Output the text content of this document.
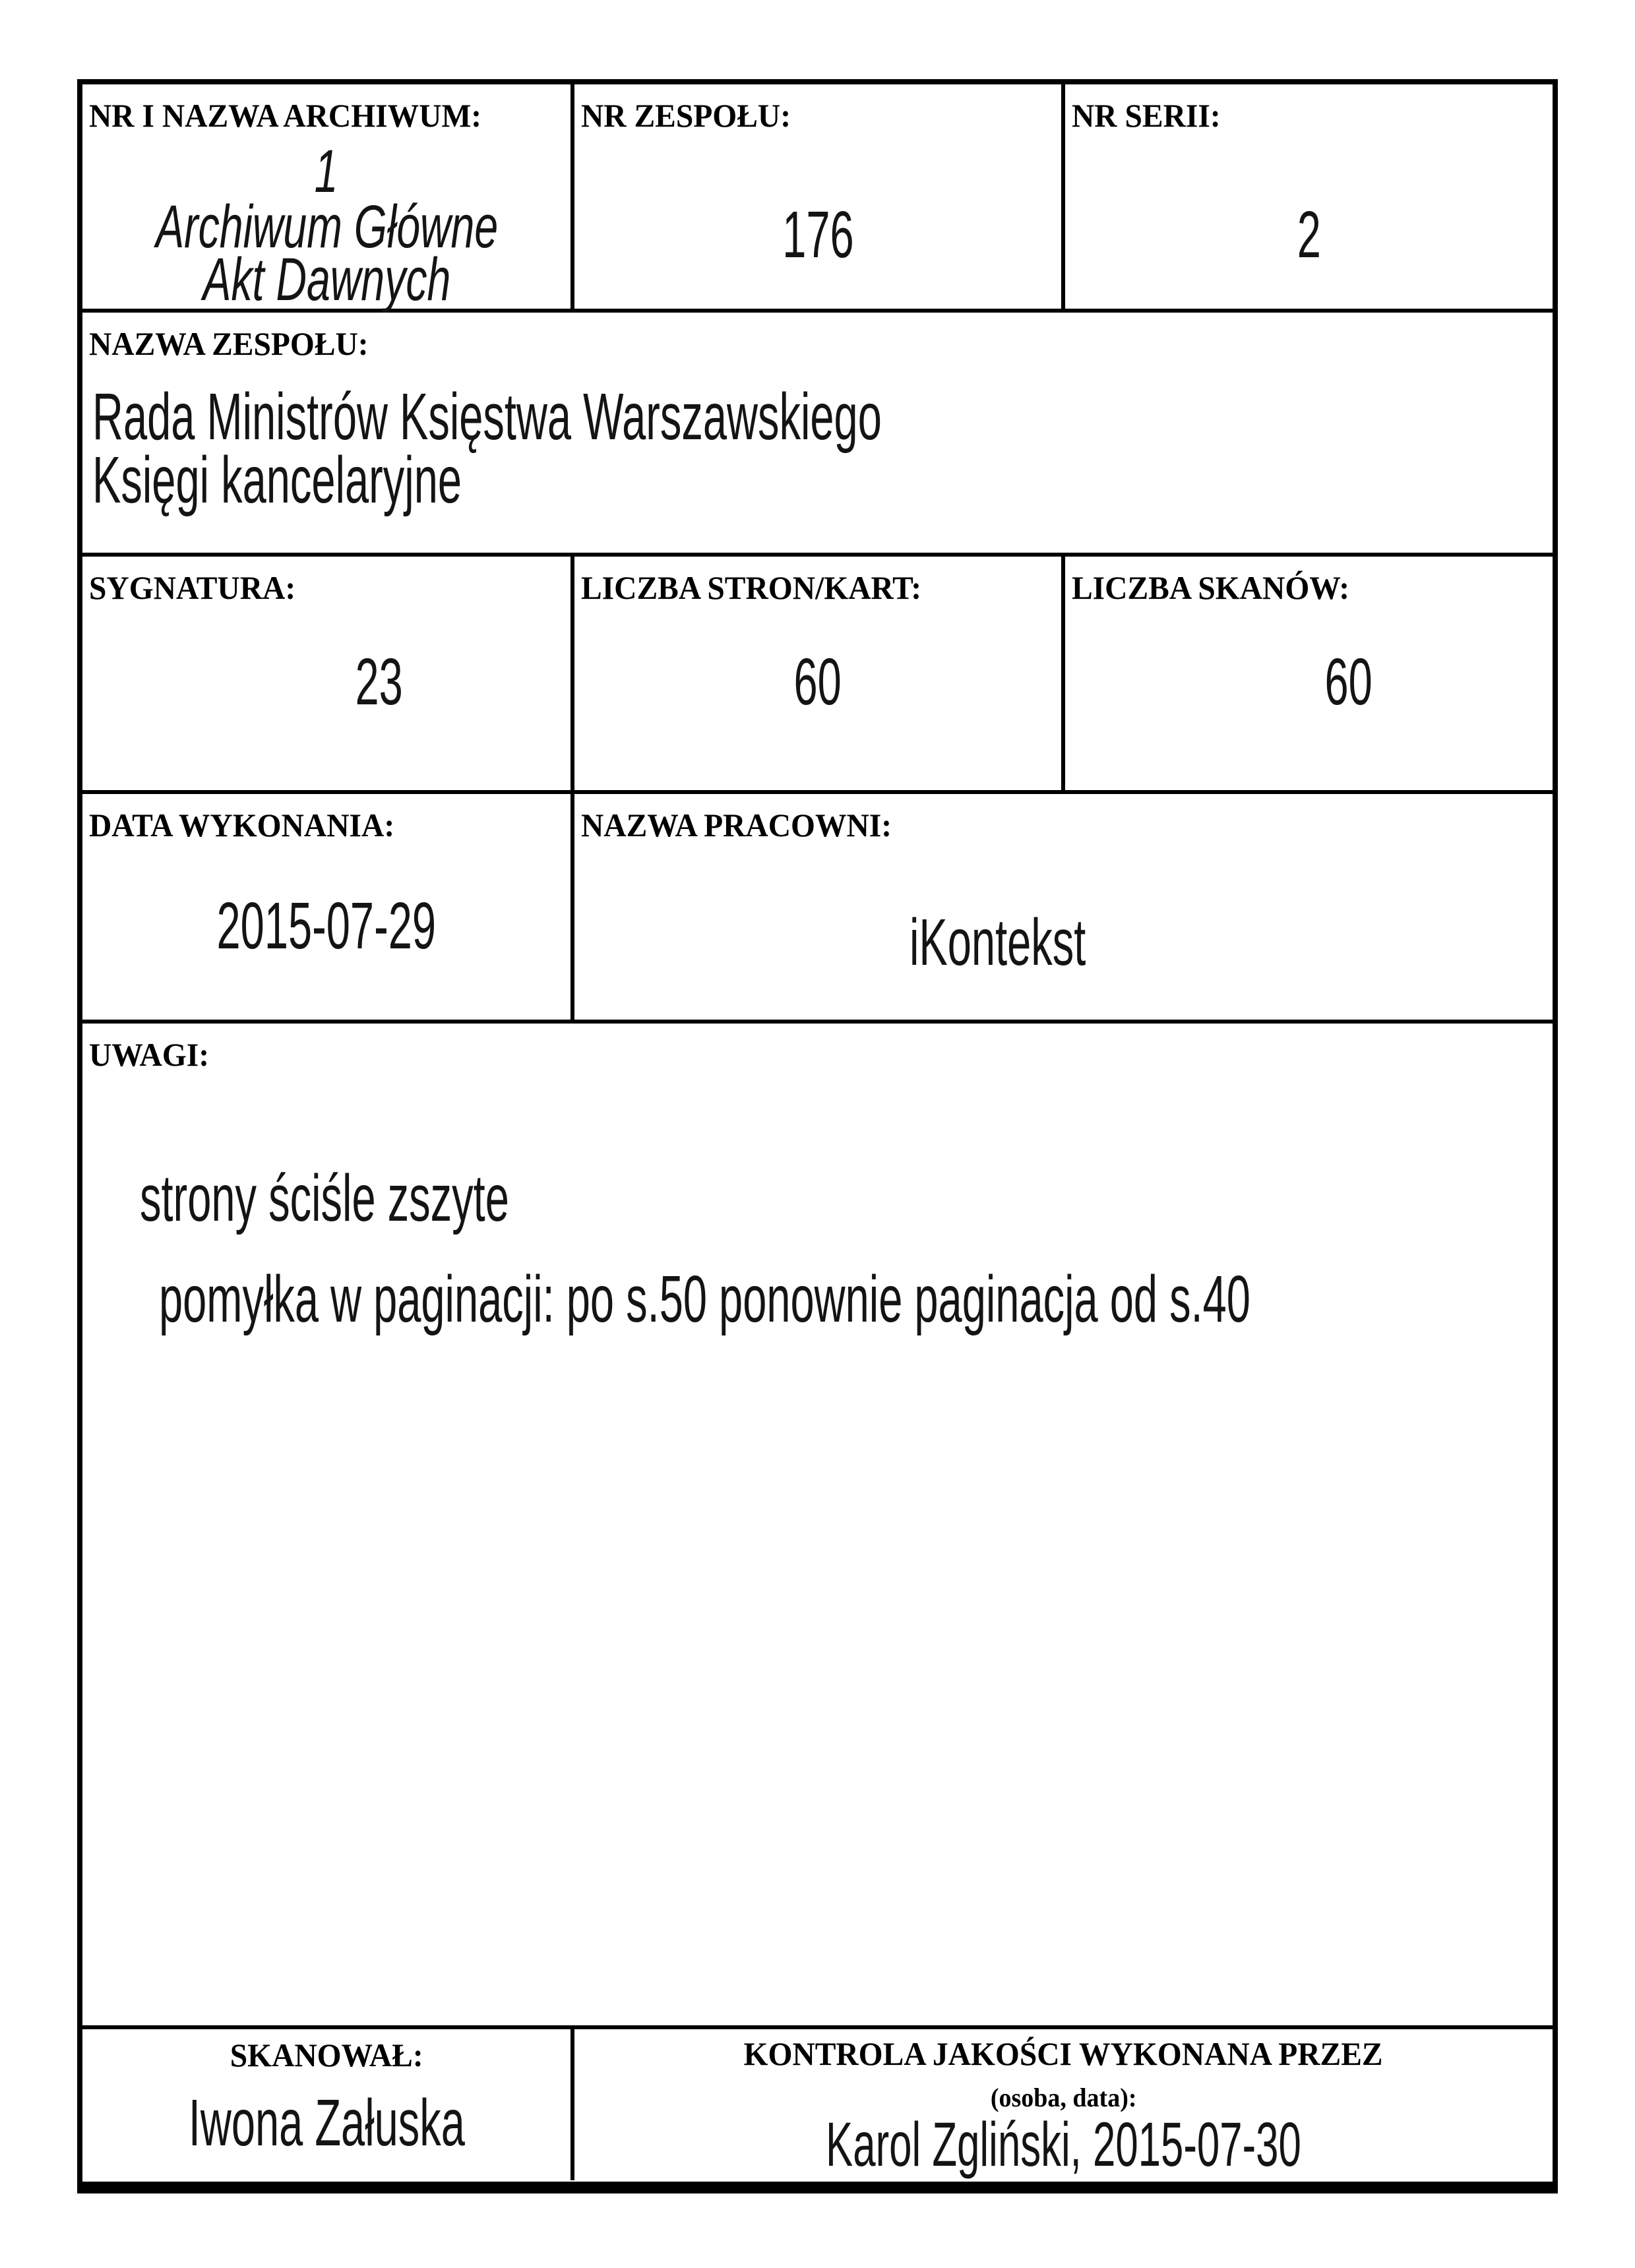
NR I NAZWA ARCHIWUM:
1
Archiwum Główne
Akt Dawnych
NR ZESPOŁU:
176
NR SERII:
2
NAZWA ZESPOŁU:
Rada Ministrów Księstwa Warszawskiego
Księgi kancelaryjne
SYGNATURA:
23
LICZBA STRON/KART:
60
LICZBA SKANÓW:
60
DATA WYKONANIA:
2015-07-29
NAZWA PRACOWNI:
iKontekst
UWAGI:
strony ściśle zszyte
pomyłka w paginacji: po s.50 ponownie paginacja od s.40
SKANOWAŁ:
Iwona Załuska
KONTROLA JAKOŚCI WYKONANA PRZEZ
(osoba, data):
Karol Zgliński, 2015-07-30
